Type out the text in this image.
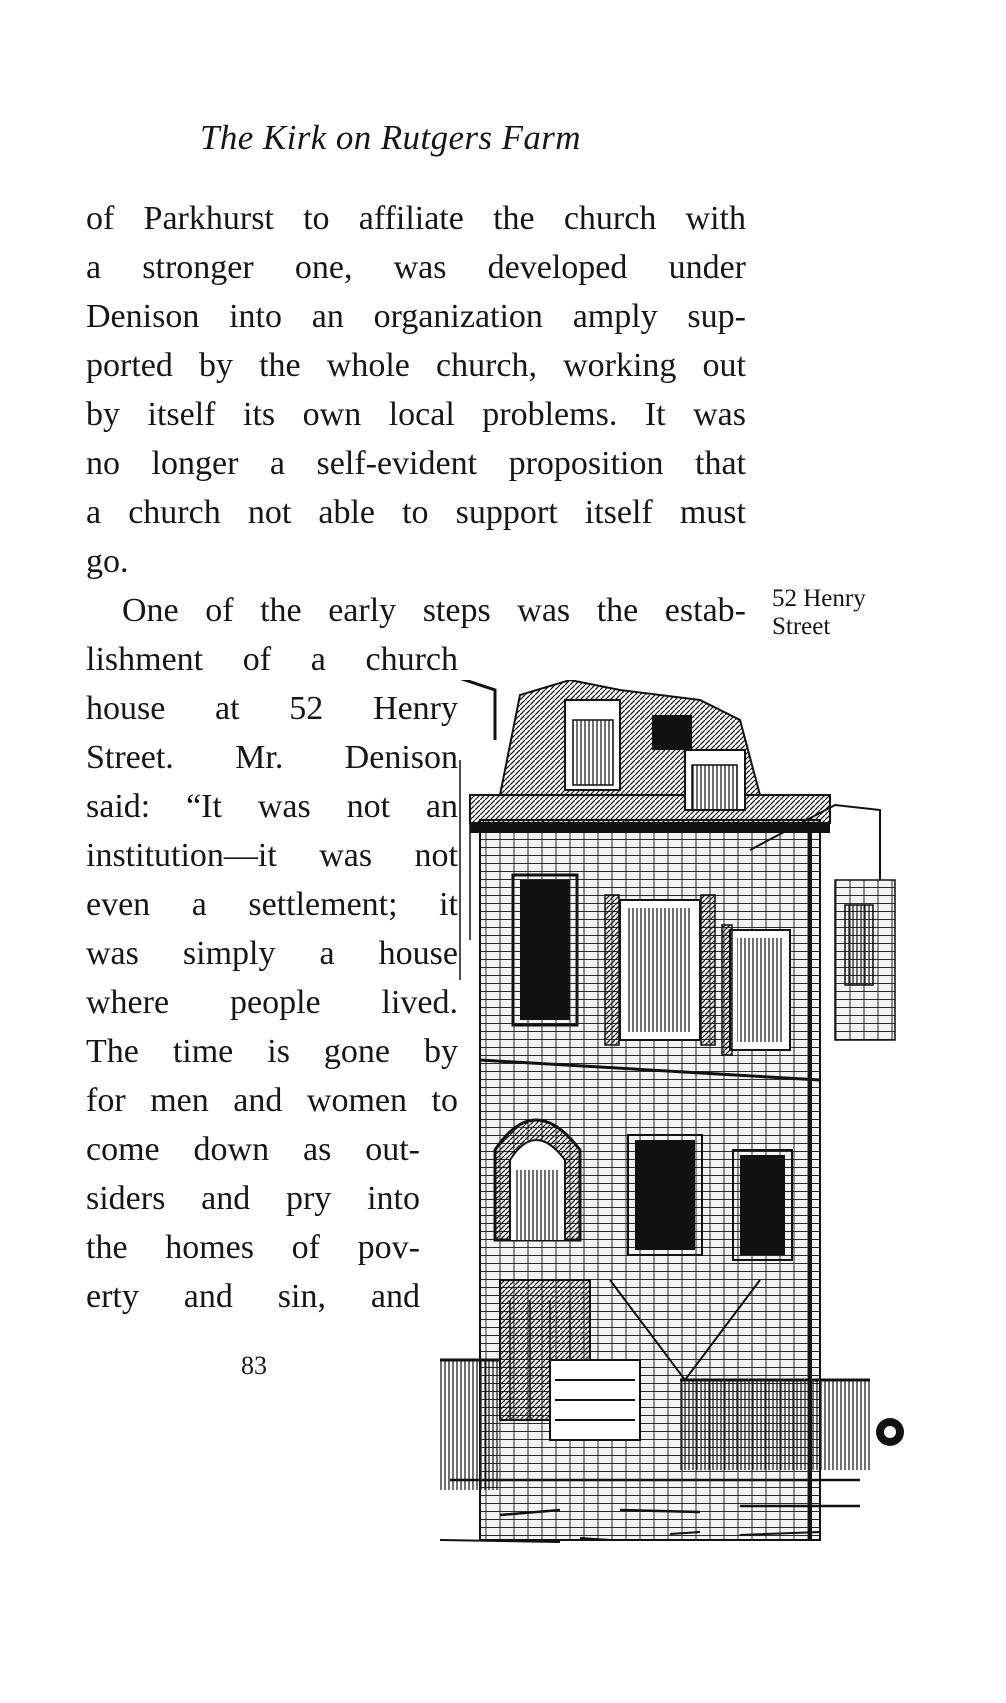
The Kirk on Rutgers Farm
of Parkhurst to affiliate the church with
a stronger one, was developed under
Denison into an organization amply sup-
ported by the whole church, working out
by itself its own local problems. It was
no longer a self-evident proposition that
a church not able to support itself must
go.
One of the early steps was the estab- 52 Henry
Street
lishment of a church
house at 52 Henry
Street. Mr. Denison
said: “It was not an
institution—it was not
even a settlement; it
was simply a house
where people lived.
The time is gone by
for men and women to
come down as out-
siders and pry into
the homes of pov-
erty and sin, and
83
